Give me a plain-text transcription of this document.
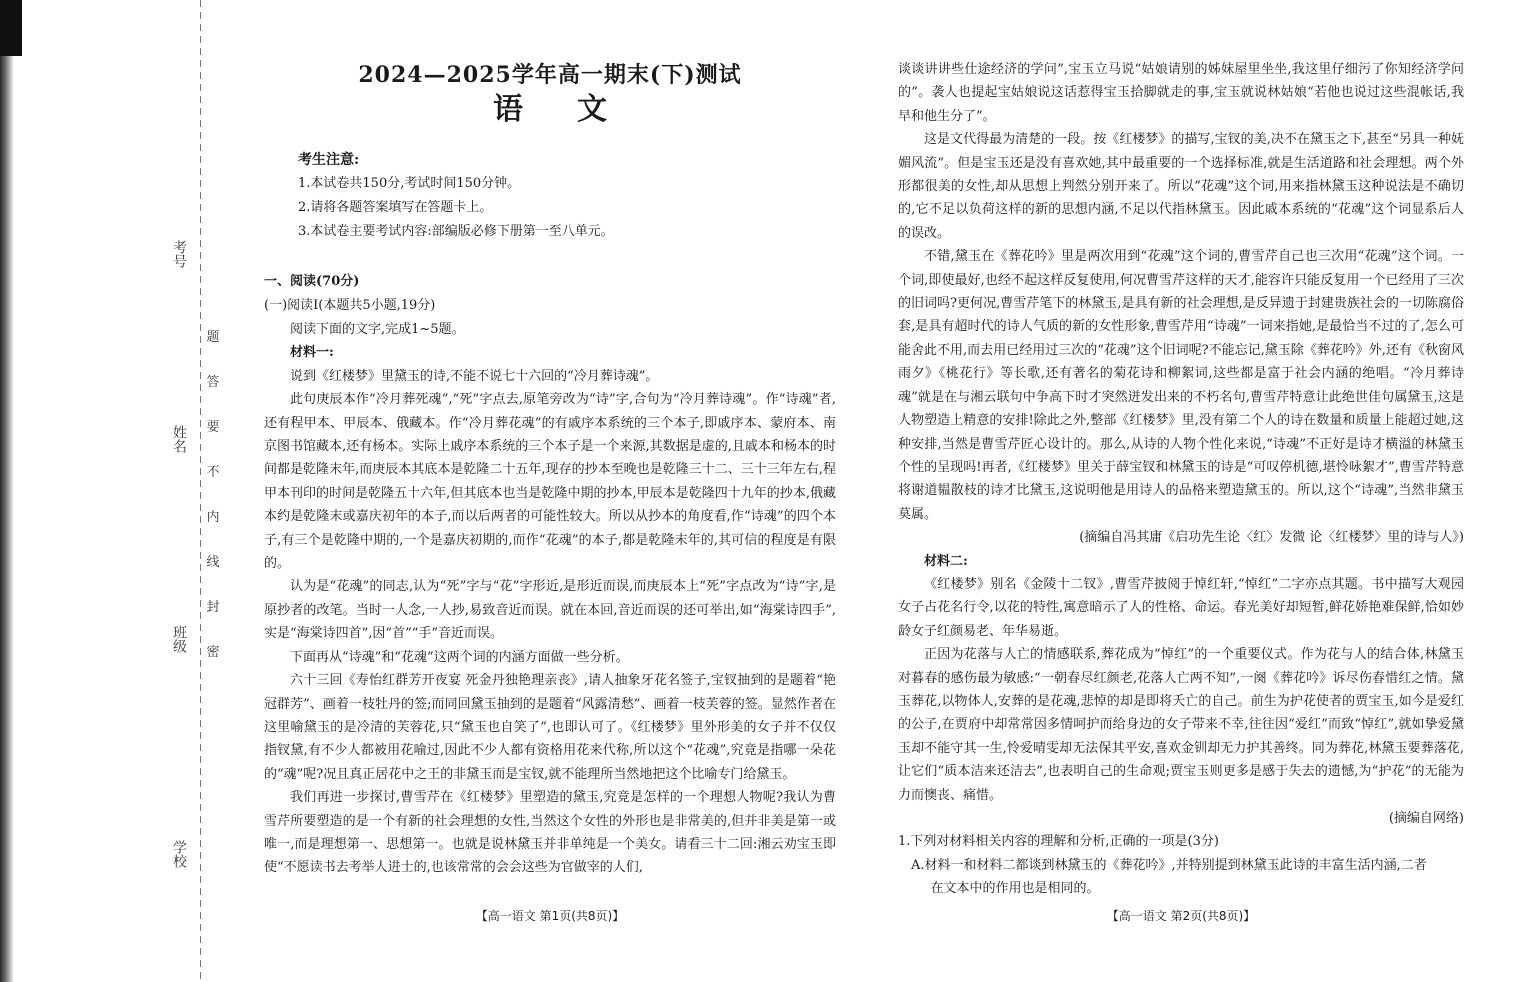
考号
姓名
班级
学校
题
答
要
不
内
线
封
密
2024—2025学年高一期末(下)测试
语文
考生注意:
1.本试卷共150分,考试时间150分钟。
2.请将各题答案填写在答题卡上。
3.本试卷主要考试内容:部编版必修下册第一至八单元。
一、阅读(70分)
(一)阅读Ⅰ(本题共5小题,19分)

阅读下面的文字,完成1~5题。

材料一:

说到《红楼梦》里黛玉的诗,不能不说七十六回的“冷月葬诗魂”。

此句庚辰本作“冷月葬死魂”,“死”字点去,原笔旁改为“诗”字,合句为“冷月葬诗魂”。作“诗魂”者,还有程甲本、甲辰本、俄藏本。作“冷月葬花魂”的有戚序本系统的三个本子,即戚序本、蒙府本、南京图书馆藏本,还有杨本。实际上戚序本系统的三个本子是一个来源,其数据是虚的,且戚本和杨本的时间都是乾隆末年,而庚辰本其底本是乾隆二十五年,现存的抄本至晚也是乾隆三十二、三十三年左右,程甲本刊印的时间是乾隆五十六年,但其底本也当是乾隆中期的抄本,甲辰本是乾隆四十九年的抄本,俄藏本约是乾隆末或嘉庆初年的本子,而以后两者的可能性较大。所以从抄本的角度看,作“诗魂”的四个本子,有三个是乾隆中期的,一个是嘉庆初期的,而作“花魂”的本子,都是乾隆末年的,其可信的程度是有限的。

认为是“花魂”的同志,认为“死”字与“花”字形近,是形近而误,而庚辰本上“死”字点改为“诗”字,是原抄者的改笔。当时一人念,一人抄,易致音近而误。就在本回,音近而误的还可举出,如“海棠诗四手”,实是“海棠诗四首”,因“首”“手”音近而误。

下面再从“诗魂”和“花魂”这两个词的内涵方面做一些分析。

六十三回《寿怡红群芳开夜宴 死金丹独艳理亲丧》,请人抽象牙花名签子,宝钗抽到的是题着“艳冠群芳”、画着一枝牡丹的签;而同回黛玉抽到的是题着“风露清愁”、画着一枝芙蓉的签。显然作者在这里喻黛玉的是冷清的芙蓉花,只“黛玉也自笑了”,也即认可了。《红楼梦》里外形美的女子并不仅仅指钗黛,有不少人都被用花喻过,因此不少人都有资格用花来代称,所以这个“花魂”,究竟是指哪一朵花的“魂”呢?况且真正居花中之王的非黛玉而是宝钗,就不能理所当然地把这个比喻专门给黛玉。

我们再进一步探讨,曹雪芹在《红楼梦》里塑造的黛玉,究竟是怎样的一个理想人物呢?我认为曹雪芹所要塑造的是一个有新的社会理想的女性,当然这个女性的外形也是非常美的,但并非美是第一或唯一,而是理想第一、思想第一。也就是说林黛玉并非单纯是一个美女。请看三十二回:湘云劝宝玉即使“不愿读书去考举人进士的,也该常常的会会这些为官做宰的人们,

【高一语文 第1页(共8页)】

谈谈讲讲些仕途经济的学问”,宝玉立马说“姑娘请别的姊妹屋里坐坐,我这里仔细污了你知经济学问的”。袭人也提起宝姑娘说这话惹得宝玉拾脚就走的事,宝玉就说林姑娘“若他也说过这些混帐话,我早和他生分了”。

这是文代得最为清楚的一段。按《红楼梦》的描写,宝钗的美,决不在黛玉之下,甚至“另具一种妩媚风流”。但是宝玉还是没有喜欢她,其中最重要的一个选择标准,就是生活道路和社会理想。两个外形都很美的女性,却从思想上判然分别开来了。所以“花魂”这个词,用来指林黛玉这种说法是不确切的,它不足以负荷这样的新的思想内涵,不足以代指林黛玉。因此戚本系统的“花魂”这个词显系后人的误改。

不错,黛玉在《葬花吟》里是两次用到“花魂”这个词的,曹雪芹自己也三次用“花魂”这个词。一个词,即使最好,也经不起这样反复使用,何况曹雪芹这样的天才,能容许只能反复用一个已经用了三次的旧词吗?更何况,曹雪芹笔下的林黛玉,是具有新的社会理想,是反异遗于封建贵族社会的一切陈腐俗套,是具有超时代的诗人气质的新的女性形象,曹雪芹用“诗魂”一词来指她,是最恰当不过的了,怎么可能舍此不用,而去用已经用过三次的“花魂”这个旧词呢?不能忘记,黛玉除《葬花吟》外,还有《秋窗风雨夕》《桃花行》等长歌,还有著名的菊花诗和柳絮词,这些都是富于社会内涵的绝唱。“冷月葬诗魂”就是在与湘云联句中争高下时才突然迸发出来的不朽名句,曹雪芹特意让此绝世佳句属黛玉,这是人物塑造上精意的安排!除此之外,整部《红楼梦》里,没有第二个人的诗在数量和质量上能超过她,这种安排,当然是曹雪芹匠心设计的。那么,从诗的人物个性化来说,“诗魂”不正好是诗才横溢的林黛玉个性的呈现吗!再者,《红楼梦》里关于薛宝钗和林黛玉的诗是“可叹停机德,堪怜咏絮才”,曹雪芹特意将谢道韫散枝的诗才比黛玉,这说明他是用诗人的品格来塑造黛玉的。所以,这个“诗魂”,当然非黛玉莫属。

(摘编自冯其庸《启功先生论〈红〉发微 论〈红楼梦〉里的诗与人》)

材料二:

《红楼梦》别名《金陵十二钗》,曹雪芹披阅于悼红轩,“悼红”二字亦点其题。书中描写大观园女子占花名行令,以花的特性,寓意暗示了人的性格、命运。春光美好却短暂,鲜花娇艳难保鲜,恰如妙龄女子红颜易老、年华易逝。

正因为花落与人亡的情感联系,葬花成为“悼红”的一个重要仪式。作为花与人的结合体,林黛玉对暮春的感伤最为敏感:“一朝春尽红颜老,花落人亡两不知”,一阕《葬花吟》诉尽伤春惜红之情。黛玉葬花,以物体人,安葬的是花魂,悲悼的却是即将夭亡的自己。前生为护花使者的贾宝玉,如今是爱红的公子,在贾府中却常常因多情呵护而给身边的女子带来不幸,往往因“爱红”而致“悼红”,就如挚爱黛玉却不能守其一生,怜爱晴雯却无法保其平安,喜欢金钏却无力护其善终。同为葬花,林黛玉要葬落花,让它们“质本洁来还洁去”,也表明自己的生命观;贾宝玉则更多是感于失去的遗憾,为“护花”的无能为力而懊丧、痛惜。

(摘编自网络)

1.下列对材料相关内容的理解和分析,正确的一项是(3分)

A.材料一和材料二都谈到林黛玉的《葬花吟》,并特别提到林黛玉此诗的丰富生活内涵,二者

在文本中的作用也是相同的。

【高一语文 第2页(共8页)】
